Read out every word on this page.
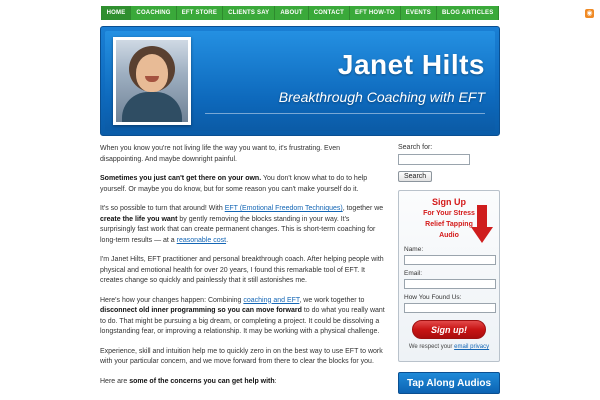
HOME	COACHING	EFT STORE	CLIENTS SAY	ABOUT	CONTACT	EFT HOW-TO	EVENTS	BLOG ARTICLES	◉
Janet Hilts
Breakthrough Coaching with EFT

When you know you're not living life the way you want to, it's frustrating. Even disappointing. And maybe downright painful.

Sometimes you just can't get there on your own. You don't know what to do to help yourself. Or maybe you do know, but for some reason you can't make yourself do it.

It's so possible to turn that around! With EFT (Emotional Freedom Techniques), together we create the life you want by gently removing the blocks standing in your way. It's surprisingly fast work that can create permanent changes. This is short-term coaching for long-term results — at a reasonable cost.

I'm Janet Hilts, EFT practitioner and personal breakthrough coach. After helping people with physical and emotional health for over 20 years, I found this remarkable tool of EFT. It creates change so quickly and painlessly that it still astonishes me.

Here's how your changes happen: Combining coaching and EFT, we work together to disconnect old inner programming so you can move forward to do what you really want to do. That might be pursuing a big dream, or completing a project. It could be dissolving a longstanding fear, or improving a relationship. It may be working with a physical challenge.

Experience, skill and intuition help me to quickly zero in on the best way to use EFT to work with your particular concern, and we move forward from there to clear the blocks for you.

Here are some of the concerns you can get help with:

Search for:
Search
Sign Up
For Your Stress
Relief Tapping
Audio
Name:
Email:
How You Found Us:
Sign up!
We respect your email privacy
Tap Along Audios
